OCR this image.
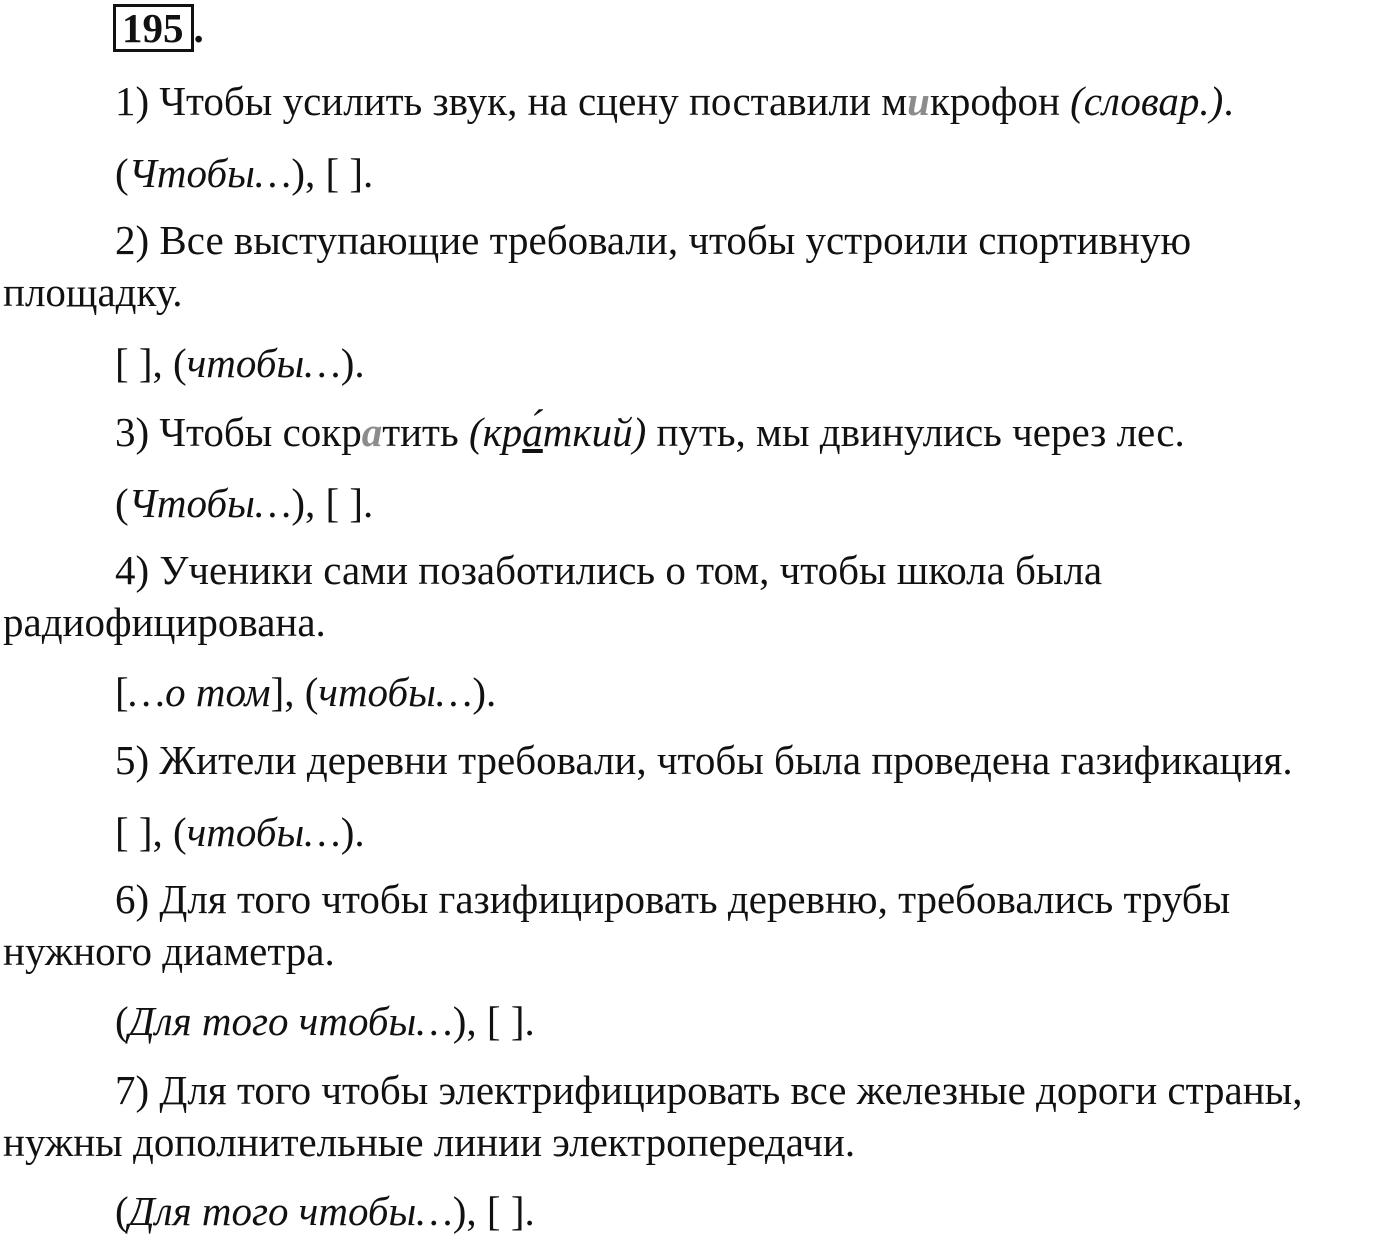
195 .
1) Чтобы усилить звук, на сцену поставили микрофон (словар.).
(Чтобы…), [ ].
2) Все выступающие требовали, чтобы устроили спортивную
площадку.
[ ], (чтобы…).
3) Чтобы сократить (кра́ткий) путь, мы двинулись через лес.
(Чтобы…), [ ].
4) Ученики сами позаботились о том, чтобы школа была
радиофицирована.
[…о том], (чтобы…).
5) Жители деревни требовали, чтобы была проведена газификация.
[ ], (чтобы…).
6) Для того чтобы газифицировать деревню, требовались трубы
нужного диаметра.
(Для того чтобы…), [ ].
7) Для того чтобы электрифицировать все железные дороги страны,
нужны дополнительные линии электропередачи.
(Для того чтобы…), [ ].
